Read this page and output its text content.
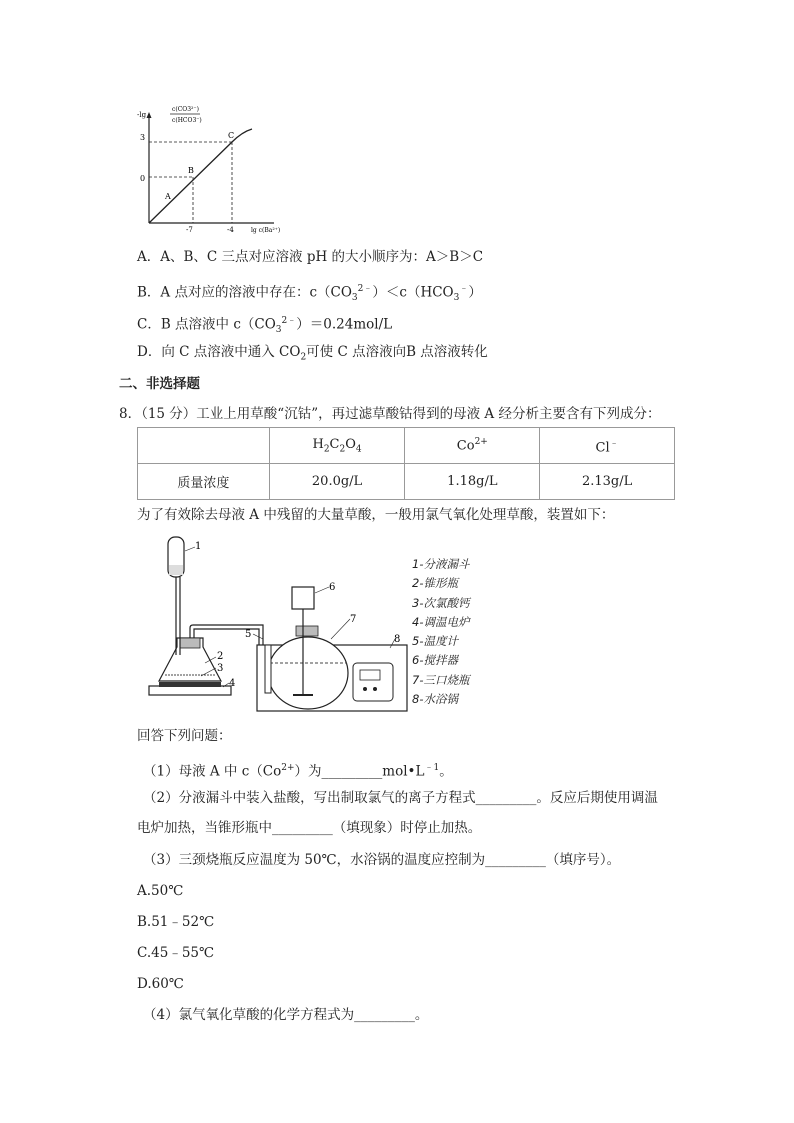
-lg
c(CO3²⁻)
c(HCO3⁻)
3
0
-7	-4	lg c(Ba²⁺)
A
B
C
A．A、B、C 三点对应溶液 pH 的大小顺序为：A＞B＞C
B．A 点对应的溶液中存在：$c(CO_3^{2﹣})<c(HCO_3^﹣)$
C．B 点溶液中 $c(CO_3^{2﹣})=0.24mol/L$
D．向 C 点溶液中通入 $CO_2$可使 C 点溶液向B 点溶液转化
二、非选择题
8．（15 分）工业上用草酸“沉钴”，再过滤草酸钴得到的母液 A 经分析主要含有下列成分：
	$H_2C_2O_4$	$Co^{2+}$	Cl﹣
质量浓度	20.0g/L	1.18g/L	2.13g/L
为了有效除去母液 A 中残留的大量草酸，一般用氯气氧化处理草酸，装置如下：
1
2
3
4
5
6
7
8
1-分液漏斗
2-锥形瓶
3-次氯酸钙
4-调温电炉
5-温度计
6-搅拌器
7-三口烧瓶
8-水浴锅
回答下列问题：
（1）母液 A 中 $c(Co^{2+})$为$\_\_\_\_\_\_\_\_\_mol•L^{﹣1}$。
（2）分液漏斗中装入盐酸，写出制取氯气的离子方程式_________。反应后期使用调温
电炉加热，当锥形瓶中_________（填现象）时停止加热。
（3）三颈烧瓶反应温度为 50℃，水浴锅的温度应控制为_________（填序号）。
A.50℃
B.51﹣52℃
C.45﹣55℃
D.60℃
（4）氯气氧化草酸的化学方程式为_________。
